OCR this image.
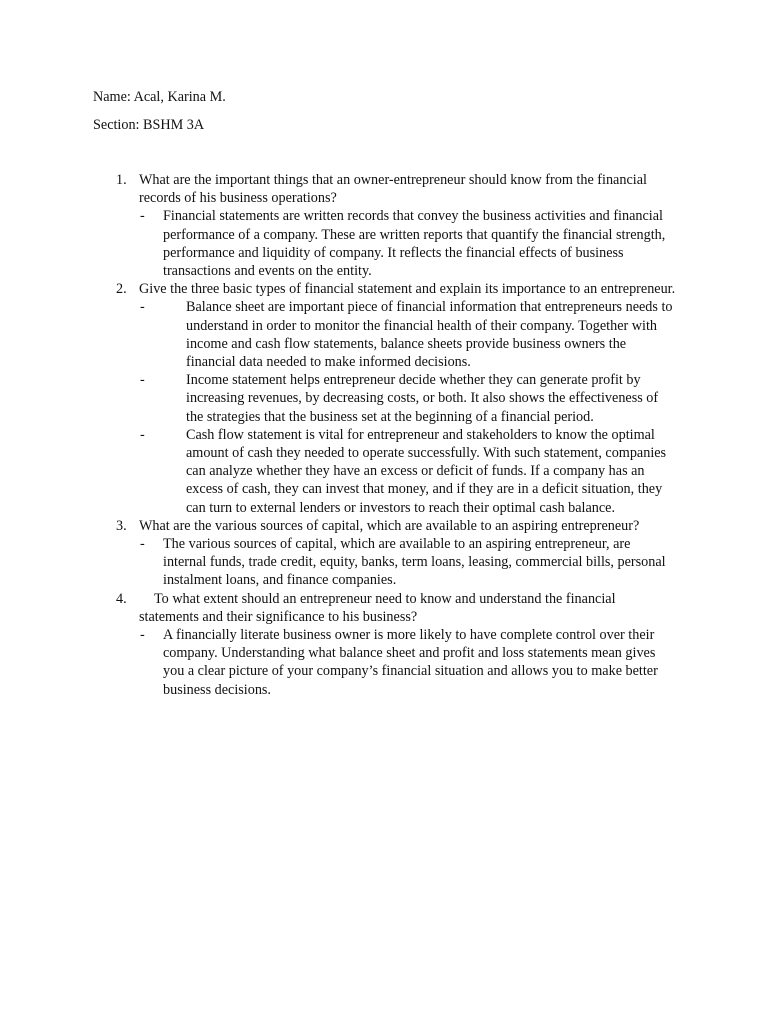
Name: Acal, Karina M.

Section: BSHM 3A

1. What are the important things that an owner-entrepreneur should know from the financial records of his business operations?
- Financial statements are written records that convey the business activities and financial performance of a company. These are written reports that quantify the financial strength, performance and liquidity of company. It reflects the financial effects of business transactions and events on the entity.
2. Give the three basic types of financial statement and explain its importance to an entrepreneur.
-	Balance sheet are important piece of financial information that entrepreneurs needs to understand in order to monitor the financial health of their company. Together with income and cash flow statements, balance sheets provide business owners the financial data needed to make informed decisions.
-	Income statement helps entrepreneur decide whether they can generate profit by increasing revenues, by decreasing costs, or both. It also shows the effectiveness of the strategies that the business set at the beginning of a financial period.
-	Cash flow statement is vital for entrepreneur and stakeholders to know the optimal amount of cash they needed to operate successfully. With such statement, companies can analyze whether they have an excess or deficit of funds. If a company has an excess of cash, they can invest that money, and if they are in a deficit situation, they can turn to external lenders or investors to reach their optimal cash balance.
3. What are the various sources of capital, which are available to an aspiring entrepreneur?
- The various sources of capital, which are available to an aspiring entrepreneur, are internal funds, trade credit, equity, banks, term loans, leasing, commercial bills, personal instalment loans, and finance companies.
4.	To what extent should an entrepreneur need to know and understand the financial statements and their significance to his business?
- A financially literate business owner is more likely to have complete control over their company. Understanding what balance sheet and profit and loss statements mean gives you a clear picture of your company’s financial situation and allows you to make better business decisions.
